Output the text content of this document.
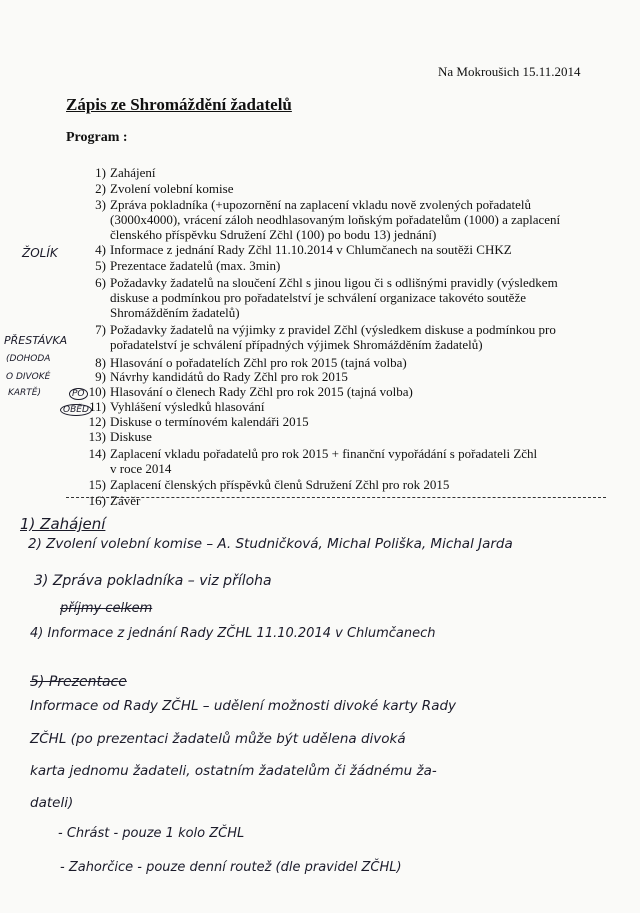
Na Mokroušich 15.11.2014
Zápis ze Shromáždění žadatelů
Program :
1) Zahájení
2) Zvolení volební komise
3) Zpráva pokladníka (+upozornění na zaplacení vkladu nově zvolených pořadatelů
(3000x4000), vrácení záloh neodhlasovaným loňským pořadatelům (1000) a zaplacení
členského příspěvku Sdružení Zčhl (100) po bodu 13) jednání)
4) Informace z jednání Rady Zčhl 11.10.2014 v Chlumčanech na soutěži CHKZ
5) Prezentace žadatelů (max. 3min)
6) Požadavky žadatelů na sloučení Zčhl s jinou ligou či s odlišnými pravidly (výsledkem
diskuse a podmínkou pro pořadatelství je schválení organizace takovéto soutěže
Shromážděním žadatelů)
7) Požadavky žadatelů na výjimky z pravidel Zčhl (výsledkem diskuse a podmínkou pro
pořadatelství je schválení případných výjimek Shromážděním žadatelů)
8) Hlasování o pořadatelích Zčhl pro rok 2015 (tajná volba)
9) Návrhy kandidátů do Rady Zčhl pro rok 2015
10) Hlasování o členech Rady Zčhl pro rok 2015 (tajná volba)
11) Vyhlášení výsledků hlasování
12) Diskuse o termínovém kalendáři 2015
13) Diskuse
14) Zaplacení vkladu pořadatelů pro rok 2015 + finanční vypořádání s pořadateli Zčhl
v roce 2014
15) Zaplacení členských příspěvků členů Sdružení Zčhl pro rok 2015
16) Závěr
ŽOLÍK
PŘESTÁVKA
(DOHODA
O DIVOKÉ
KARTĚ)	PO
OBĚD
1) Zahájení
2) Zvolení volební komise – A. Studničková, Michal Poliška, Michal Jarda
3) Zpráva pokladníka – viz příloha
příjmy celkem
4) Informace z jednání Rady ZČHL 11.10.2014 v Chlumčanech
5) Prezentace
Informace od Rady ZČHL – udělení možnosti divoké karty Rady
ZČHL (po prezentaci žadatelů může být udělena divoká
karta jednomu žadateli, ostatním žadatelům či žádnému ža-
dateli)
- Chrást - pouze 1 kolo ZČHL
- Zahorčice - pouze denní routež (dle pravidel ZČHL)
